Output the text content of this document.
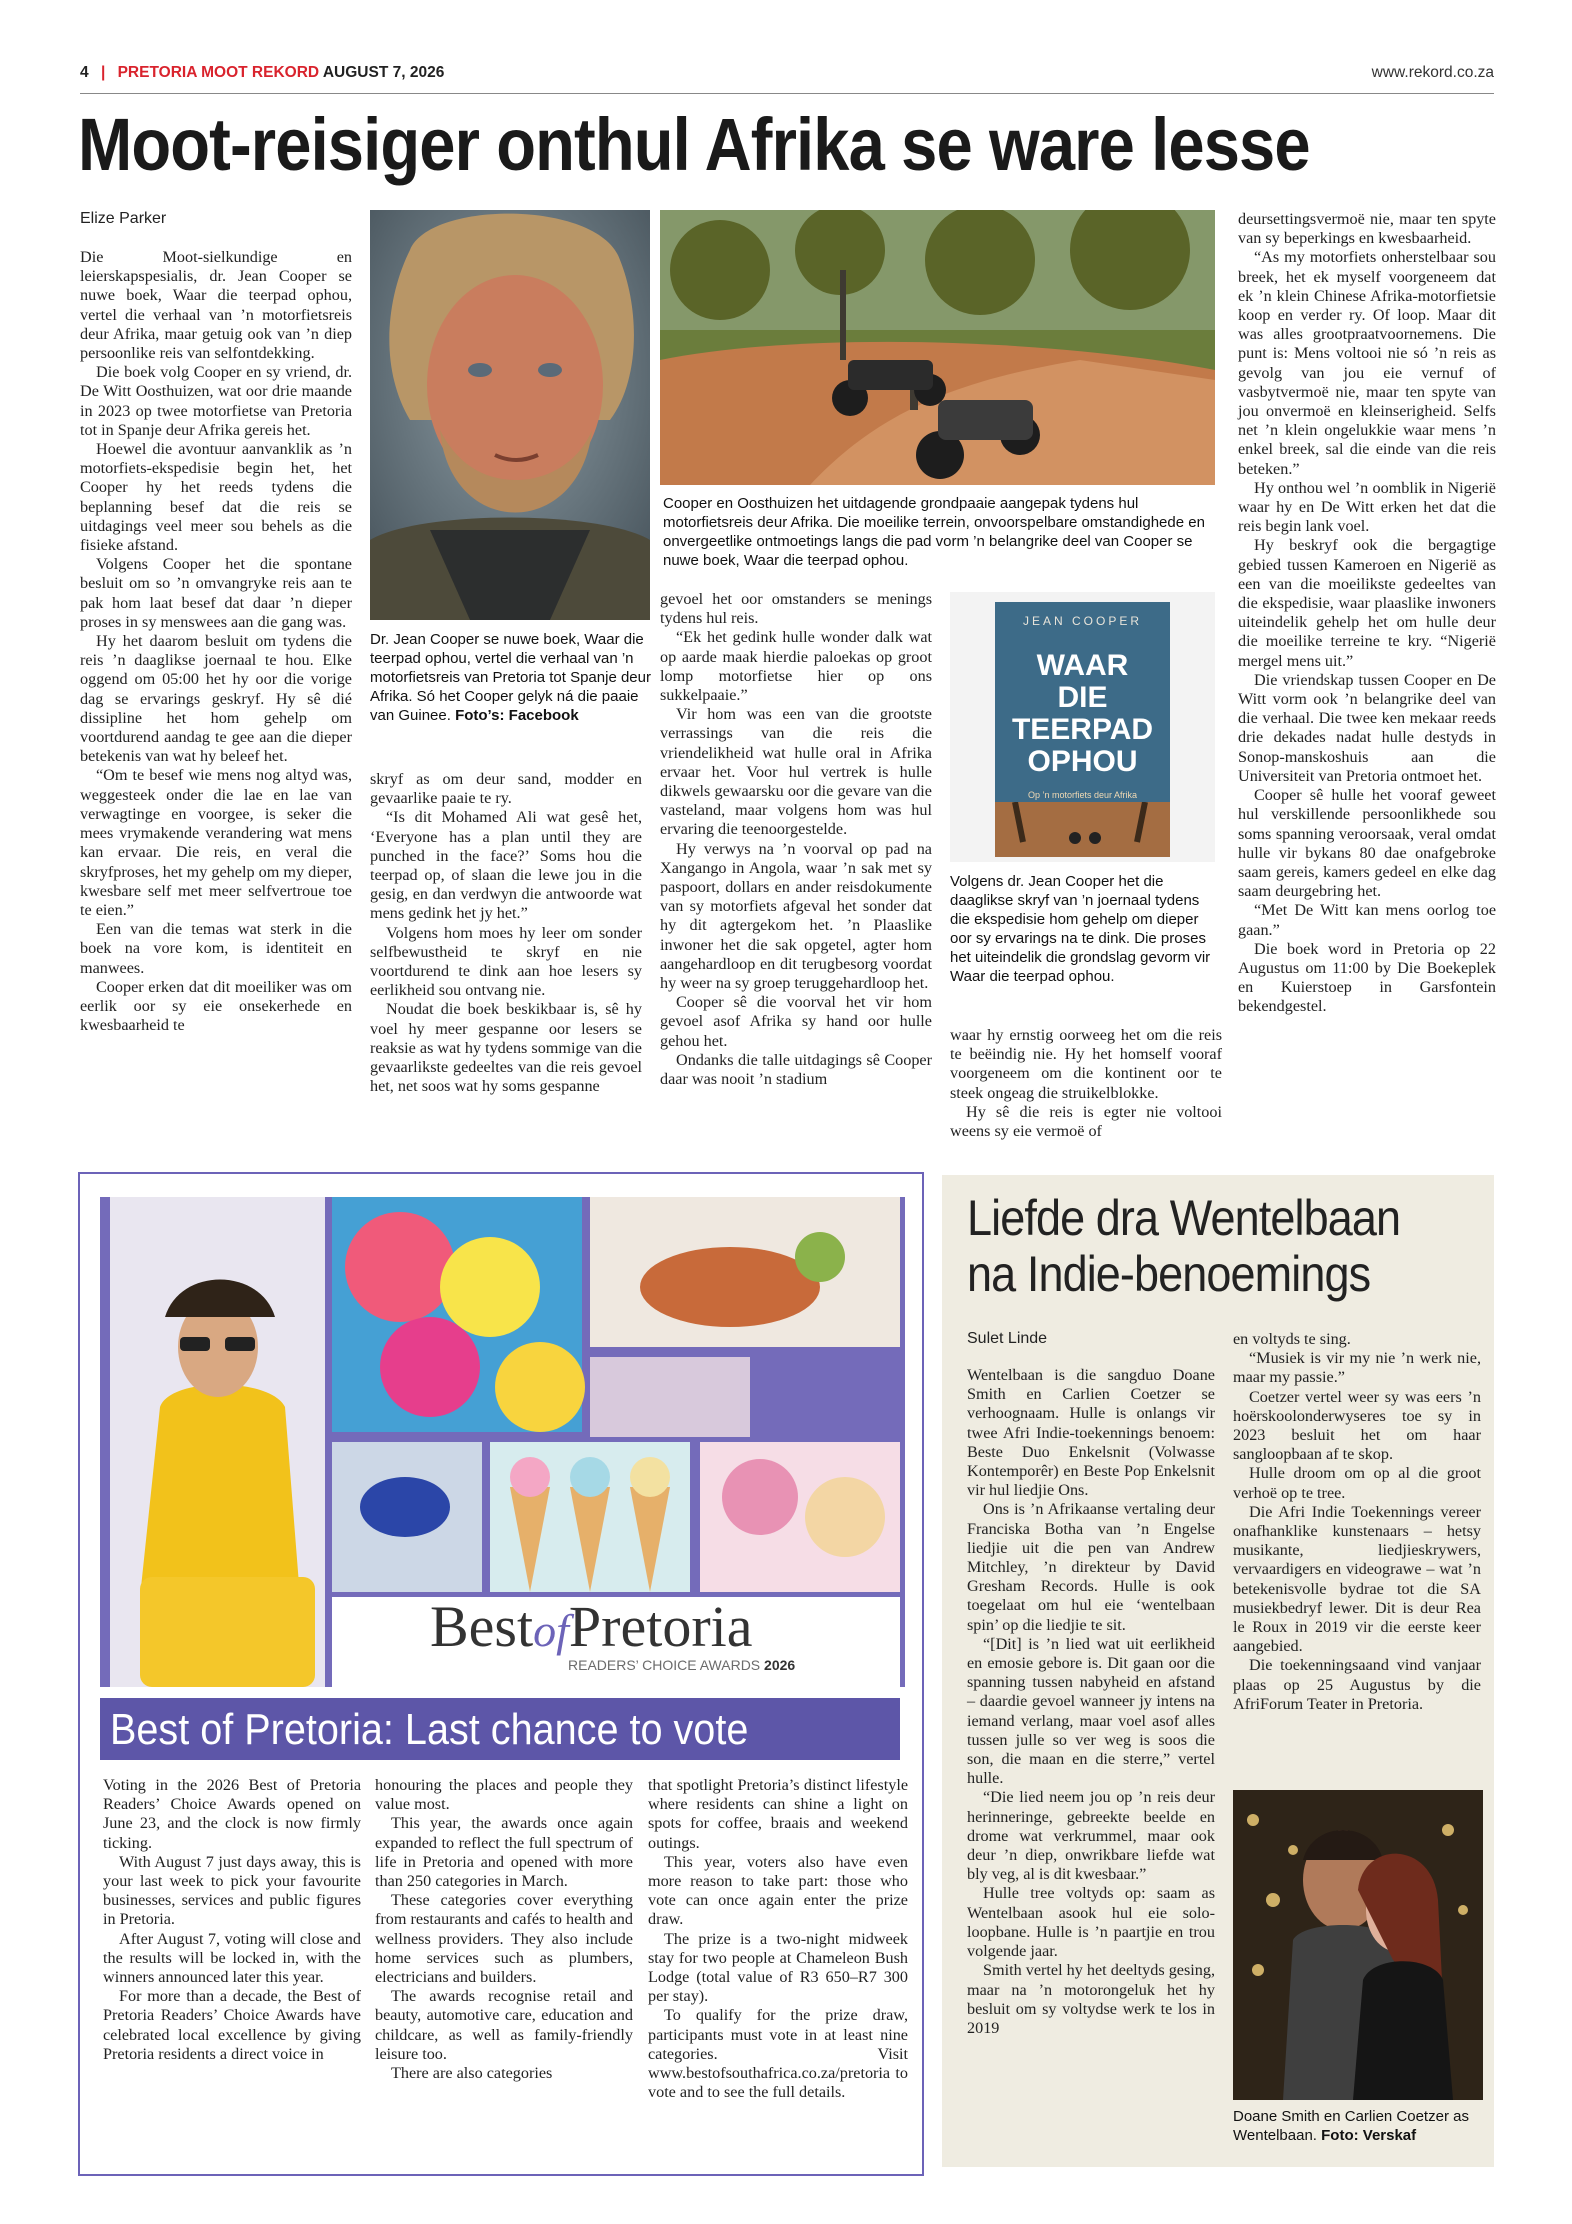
4 | PRETORIA MOOT REKORD AUGUST 7, 2026	www.rekord.co.za
Moot-reisiger onthul Afrika se ware lesse
Elize Parker

Die Moot-sielkundige en leierskapspesialis, dr. Jean Cooper se nuwe boek, Waar die teerpad ophou, vertel die verhaal van ’n motorfietsreis deur Afrika, maar getuig ook van ’n diep persoonlike reis van selfontdekking.

Die boek volg Cooper en sy vriend, dr. De Witt Oosthuizen, wat oor drie maande in 2023 op twee motorfietse van Pretoria tot in Spanje deur Afrika gereis het.

Hoewel die avontuur aanvanklik as ’n motorfiets-ekspedisie begin het, het Cooper hy het reeds tydens die beplanning besef dat die reis se uitdagings veel meer sou behels as die fisieke afstand.

Volgens Cooper het die spontane besluit om so ’n omvangryke reis aan te pak hom laat besef dat daar ’n dieper proses in sy menswees aan die gang was.

Hy het daarom besluit om tydens die reis ’n daaglikse joernaal te hou. Elke oggend om 05:00 het hy oor die vorige dag se ervarings geskryf. Hy sê dié dissipline het hom gehelp om voortdurend aandag te gee aan die dieper betekenis van wat hy beleef het.

“Om te besef wie mens nog altyd was, weggesteek onder die lae en lae van verwagtinge en voorgee, is seker die mees vrymakende verandering wat mens kan ervaar. Die reis, en veral die skryfproses, het my gehelp om my dieper, kwesbare self met meer selfvertroue toe te eien.”

Een van die temas wat sterk in die boek na vore kom, is identiteit en manwees.

Cooper erken dat dit moeiliker was om eerlik oor sy eie onsekerhede en kwesbaarheid te

Dr. Jean Cooper se nuwe boek, Waar die teerpad ophou, vertel die verhaal van ’n motorfietsreis van Pretoria tot Spanje deur Afrika. Só het Cooper gelyk ná die paaie van Guinee. Foto’s: Facebook

skryf as om deur sand, modder en gevaarlike paaie te ry.

“Is dit Mohamed Ali wat gesê het, ‘Everyone has a plan until they are punched in the face?’ Soms hou die teerpad op, of slaan die lewe jou in die gesig, en dan verdwyn die antwoorde wat mens gedink het jy het.”

Volgens hom moes hy leer om sonder selfbewustheid te skryf en nie voortdurend te dink aan hoe lesers sy eerlikheid sou ontvang nie.

Noudat die boek beskikbaar is, sê hy voel hy meer gespanne oor lesers se reaksie as wat hy tydens sommige van die gevaarlikste gedeeltes van die reis gevoel het, net soos wat hy soms gespanne

Cooper en Oosthuizen het uitdagende grondpaaie aangepak tydens hul motorfietsreis deur Afrika. Die moeilike terrein, onvoorspelbare omstandighede en onvergeetlike ontmoetings langs die pad vorm ’n belangrike deel van Cooper se nuwe boek, Waar die teerpad ophou.

gevoel het oor omstanders se menings tydens hul reis.

“Ek het gedink hulle wonder dalk wat op aarde maak hierdie paloekas op groot lomp motorfietse hier op ons sukkelpaaie.”

Vir hom was een van die grootste verrassings van die reis die vriendelikheid wat hulle oral in Afrika ervaar het. Voor hul vertrek is hulle dikwels gewaarsku oor die gevare van die vasteland, maar volgens hom was hul ervaring die teenoorgestelde.

Hy verwys na ’n voorval op pad na Xangango in Angola, waar ’n sak met sy paspoort, dollars en ander reisdokumente van sy motorfiets afgeval het sonder dat hy dit agtergekom het. ’n Plaaslike inwoner het die sak opgetel, agter hom aangehardloop en dit terugbesorg voordat hy weer na sy groep teruggehardloop het.

Cooper sê die voorval het vir hom gevoel asof Afrika sy hand oor hulle gehou het.

Ondanks die talle uitdagings sê Cooper daar was nooit ’n stadium

JEAN COOPER
WAAR
DIE
TEERPAD
OPHOU
Op ’n motorfiets deur Afrika
Volgens dr. Jean Cooper het die daaglikse skryf van ’n joernaal tydens die ekspedisie hom gehelp om dieper oor sy ervarings na te dink. Die proses het uiteindelik die grondslag gevorm vir Waar die teerpad ophou.

waar hy ernstig oorweeg het om die reis te beëindig nie. Hy het homself vooraf voorgeneem om die kontinent oor te steek ongeag die struikelblokke.

Hy sê die reis is egter nie voltooi weens sy eie vermoë of

deursettingsvermoë nie, maar ten spyte van sy beperkings en kwesbaarheid.

“As my motorfiets onherstelbaar sou breek, het ek myself voorgeneem dat ek ’n klein Chinese Afrika-motorfietsie koop en verder ry. Of loop. Maar dit was alles grootpraatvoornemens. Die punt is: Mens voltooi nie só ’n reis as gevolg van jou eie vernuf of vasbytvermoë nie, maar ten spyte van jou onvermoë en kleinserigheid. Selfs net ’n klein ongelukkie waar mens ’n enkel breek, sal die einde van die reis beteken.”

Hy onthou wel ’n oomblik in Nigerië waar hy en De Witt erken het dat die reis begin lank voel.

Hy beskryf ook die bergagtige gebied tussen Kameroen en Nigerië as een van die moeilikste gedeeltes van die ekspedisie, waar plaaslike inwoners uiteindelik gehelp het om hulle deur die moeilike terreine te kry. “Nigerië mergel mens uit.”

Die vriendskap tussen Cooper en De Witt vorm ook ’n belangrike deel van die verhaal. Die twee ken mekaar reeds drie dekades nadat hulle destyds in Sonop-manskoshuis aan die Universiteit van Pretoria ontmoet het.

Cooper sê hulle het vooraf geweet hul verskillende persoonlikhede sou soms spanning veroorsaak, veral omdat hulle vir bykans 80 dae onafgebroke saam gereis, kamers gedeel en elke dag saam deurgebring het.

“Met De Witt kan mens oorlog toe gaan.”

Die boek word in Pretoria op 22 Augustus om 11:00 by Die Boekeplek en Kuierstoep in Garsfontein bekendgestel.

BestofPretoria
READERS’ CHOICE AWARDS 2026
Best of Pretoria: Last chance to vote

Voting in the 2026 Best of Pretoria Readers’ Choice Awards opened on June 23, and the clock is now firmly ticking.

With August 7 just days away, this is your last week to pick your favourite businesses, services and public figures in Pretoria.

After August 7, voting will close and the results will be locked in, with the winners announced later this year.

For more than a decade, the Best of Pretoria Readers’ Choice Awards have celebrated local excellence by giving Pretoria residents a direct voice in

honouring the places and people they value most.

This year, the awards once again expanded to reflect the full spectrum of life in Pretoria and opened with more than 250 categories in March.

These categories cover everything from restaurants and cafés to health and wellness providers. They also include home services such as plumbers, electricians and builders.

The awards recognise retail and beauty, automotive care, education and childcare, as well as family-friendly leisure too.

There are also categories

that spotlight Pretoria’s distinct lifestyle where residents can shine a light on spots for coffee, braais and weekend outings.

This year, voters also have even more reason to take part: those who vote can once again enter the prize draw.

The prize is a two-night midweek stay for two people at Chameleon Bush Lodge (total value of R3 650–R7 300 per stay).

To qualify for the prize draw, participants must vote in at least nine categories. Visit www.bestofsouthafrica.co.za/pretoria to vote and to see the full details.

Liefde dra Wentelbaan na Indie-benoemings
Sulet Linde

Wentelbaan is die sangduo Doane Smith en Carlien Coetzer se verhoognaam. Hulle is onlangs vir twee Afri Indie-toekennings benoem: Beste Duo Enkelsnit (Volwasse Kontemporêr) en Beste Pop Enkelsnit vir hul liedjie Ons.

Ons is ’n Afrikaanse vertaling deur Franciska Botha van ’n Engelse liedjie uit die pen van Andrew Mitchley, ’n direkteur by David Gresham Records. Hulle is ook toegelaat om hul eie ‘wentelbaan spin’ op die liedjie te sit.

“[Dit] is ’n lied wat uit eerlikheid en emosie gebore is. Dit gaan oor die spanning tussen nabyheid en afstand – daardie gevoel wanneer jy intens na iemand verlang, maar voel asof alles tussen julle so ver weg is soos die son, die maan en die sterre,” vertel hulle.

“Die lied neem jou op ’n reis deur herinneringe, gebreekte beelde en drome wat verkrummel, maar ook deur ’n diep, onwrikbare liefde wat bly veg, al is dit kwesbaar.”

Hulle tree voltyds op: saam as Wentelbaan asook hul eie solo- loopbane. Hulle is ’n paartjie en trou volgende jaar.

Smith vertel hy het deeltyds gesing, maar na ’n motorongeluk het hy besluit om sy voltydse werk te los in 2019

en voltyds te sing.

“Musiek is vir my nie ’n werk nie, maar my passie.”

Coetzer vertel weer sy was eers ’n hoërskoolonderwyseres toe sy in 2023 besluit het om haar sangloopbaan af te skop.

Hulle droom om op al die groot verhoë op te tree.

Die Afri Indie Toekennings vereer onafhanklike kunstenaars – hetsy musikante, liedjieskrywers, vervaardigers en videograwe – wat ’n betekenisvolle bydrae tot die SA musiekbedryf lewer. Dit is deur Rea le Roux in 2019 vir die eerste keer aangebied.

Die toekenningsaand vind vanjaar plaas op 25 Augustus by die AfriForum Teater in Pretoria.

Doane Smith en Carlien Coetzer as Wentelbaan. Foto: Verskaf
